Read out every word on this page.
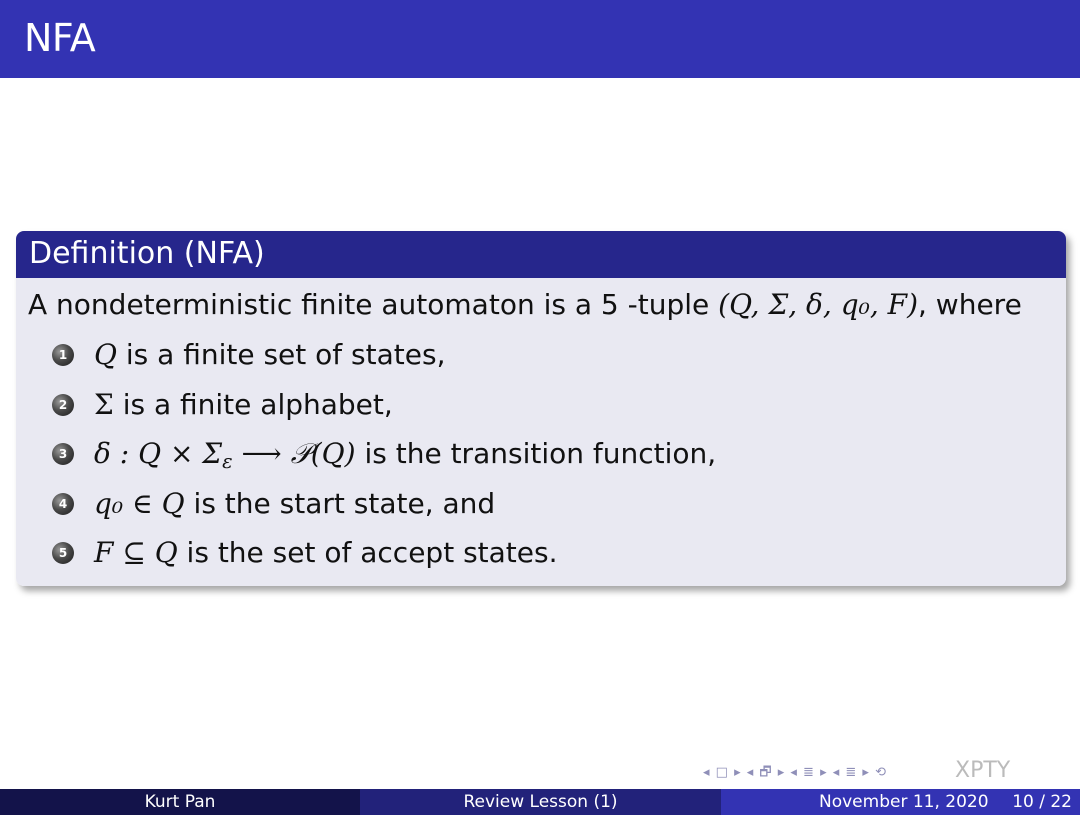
NFA
Definition (NFA)
A nondeterministic finite automaton is a 5 -tuple (Q, Σ, δ, q₀, F), where
1 Q is a finite set of states,
2 Σ is a finite alphabet,
3 δ : $Q \times \Sigma_\varepsilon$ ⟶ 𝒫(Q) is the transition function,
4 q₀ ∈ Q is the start state, and
5 F ⊆ Q is the set of accept states.
◂ □ ▸ ◂ 🗗 ▸ ◂ ≣ ▸ ◂ ≣ ▸ ⟲	XPTY
Kurt Pan	Review Lesson (1)	November 11, 2020 10 / 22
